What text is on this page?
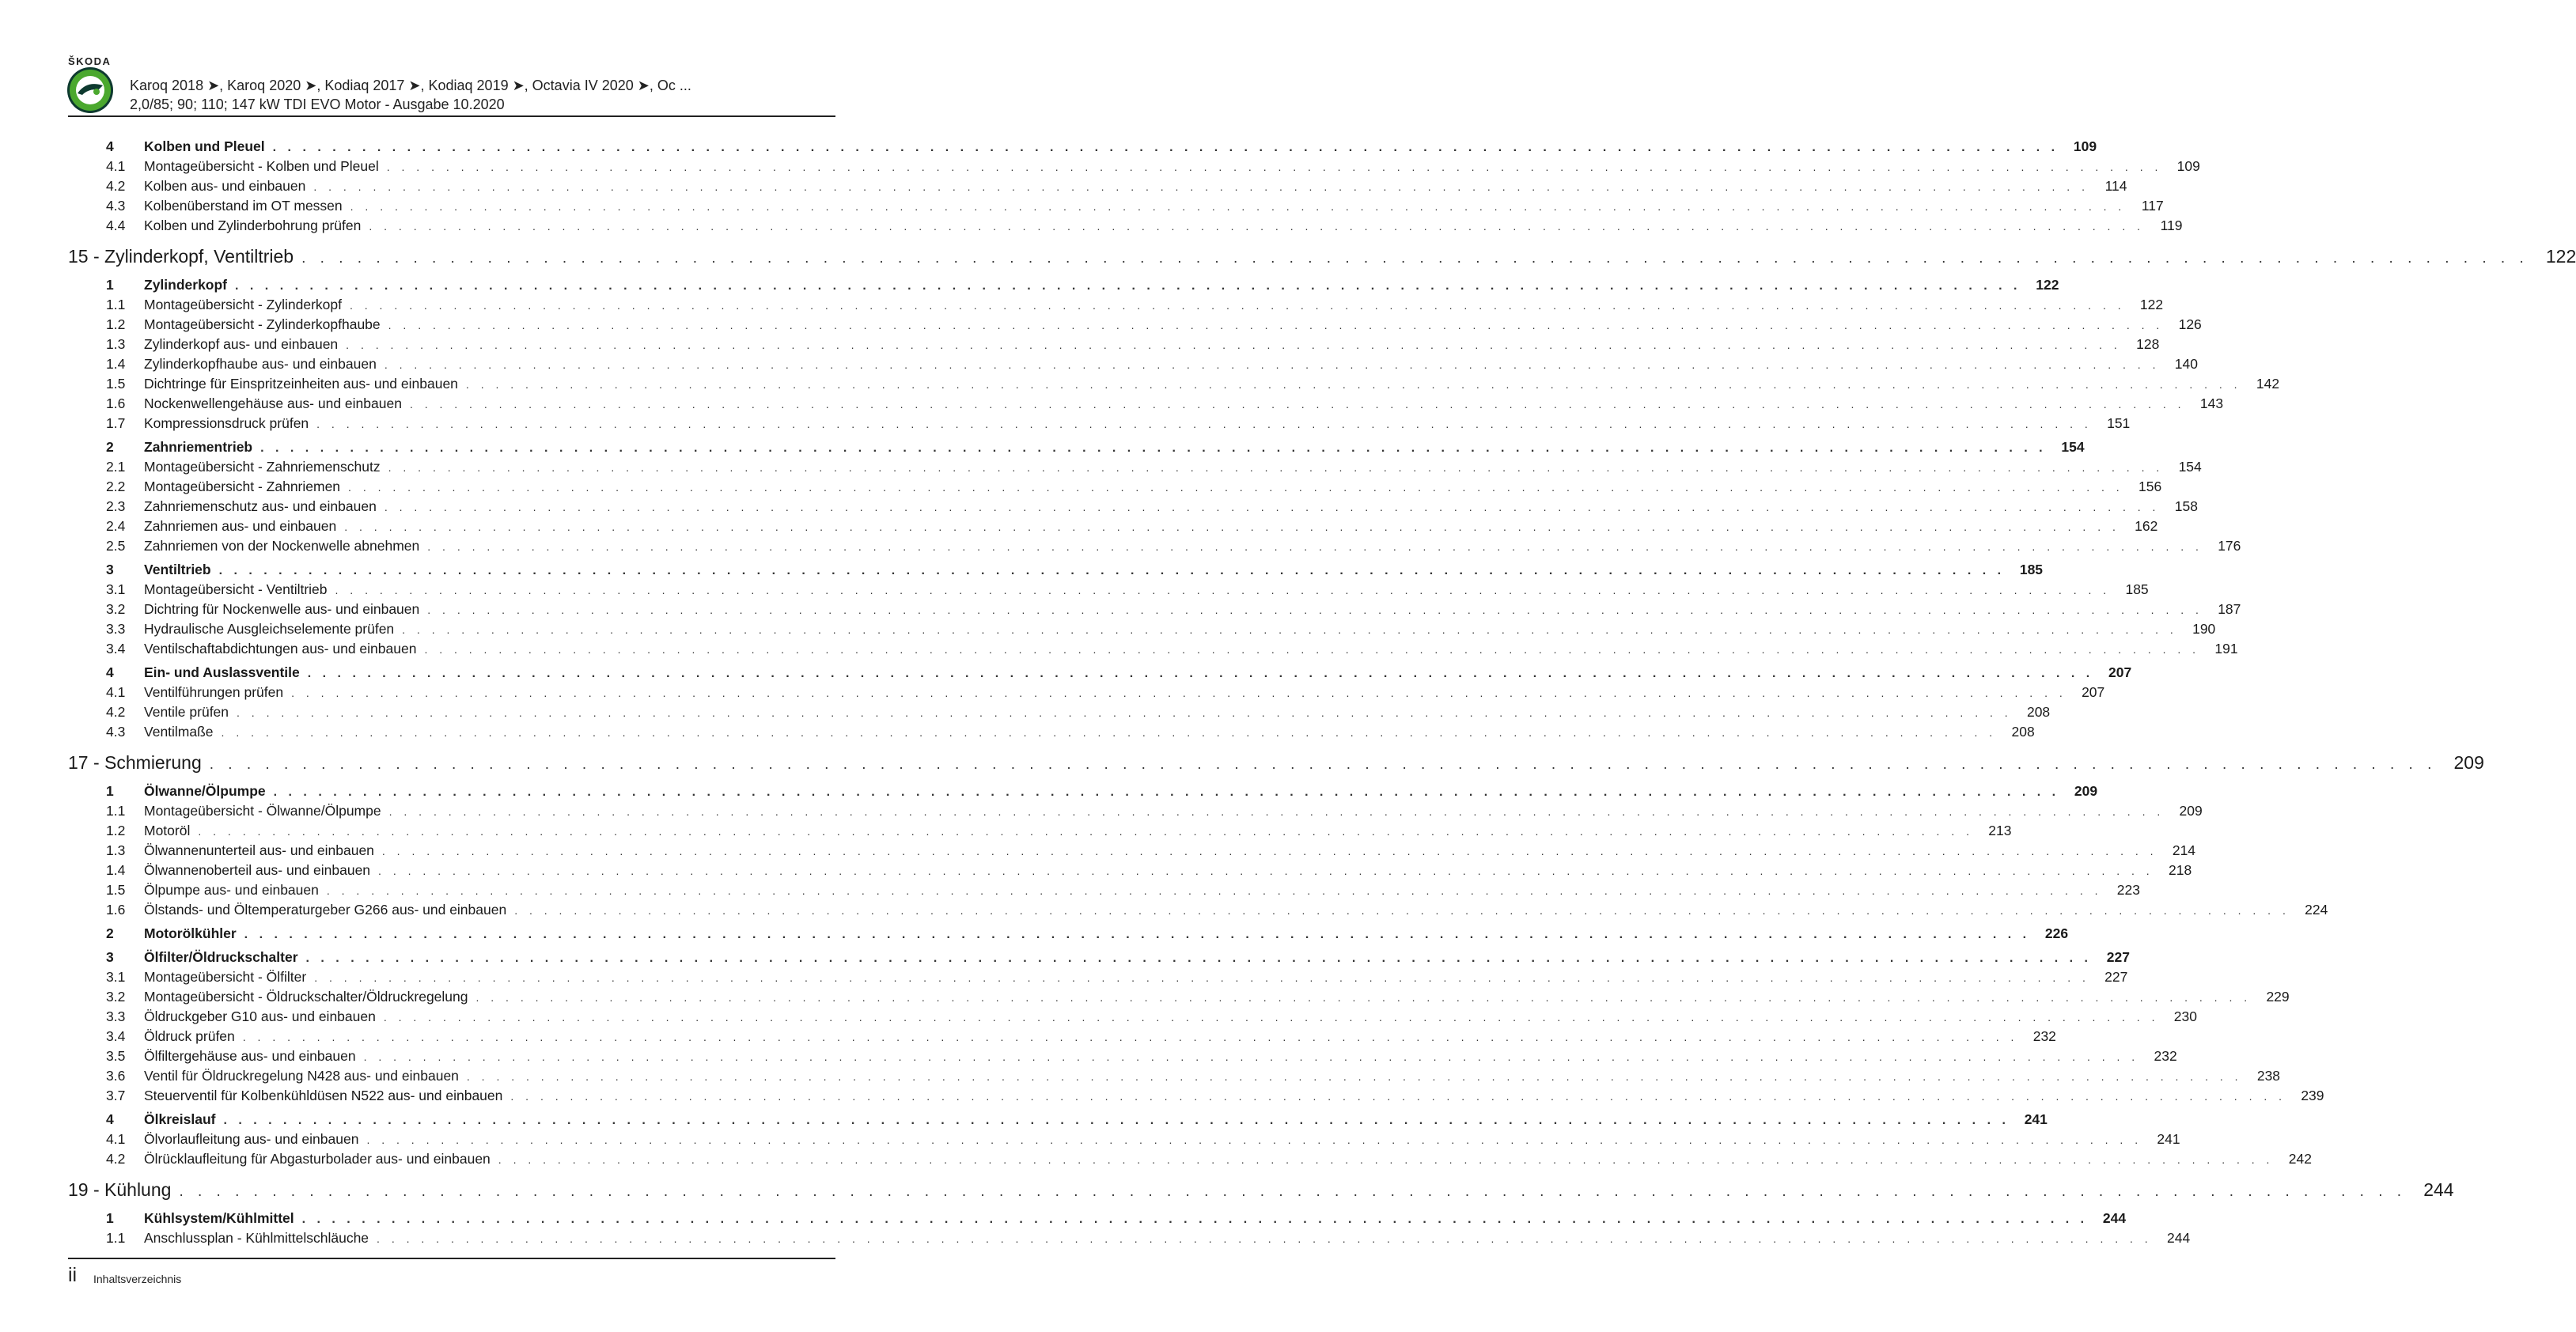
ŠKODA
Karoq 2018 ➤, Karoq 2020 ➤, Kodiaq 2017 ➤, Kodiaq 2019 ➤, Octavia IV 2020 ➤, Oc ...
2,0/85; 90; 110; 147 kW TDI EVO Motor - Ausgabe 10.2020
4	Kolben und Pleuel . . . . . . . . . . . . . . . . . . . . . . . . . . . . . . . . . . . . . . . . . . . . . . . . . . . . . . . . . . . . . . . . . . . . . . . . . . . . . . . . . . . . . . . . . . . . . . . . . . . . . . . . . . . . . . . . . . . . . . . .	109
4.1	Montageübersicht - Kolben und Pleuel . . . . . . . . . . . . . . . . . . . . . . . . . . . . . . . . . . . . . . . . . . . . . . . . . . . . . . . . . . . . . . . . . . . . . . . . . . . . . . . . . . . . . . . . . . . . . . . . . . . . . . . . . . . . . . . . . . . . . . . .	109
4.2	Kolben aus- und einbauen . . . . . . . . . . . . . . . . . . . . . . . . . . . . . . . . . . . . . . . . . . . . . . . . . . . . . . . . . . . . . . . . . . . . . . . . . . . . . . . . . . . . . . . . . . . . . . . . . . . . . . . . . . . . . . . . . . . . . . . .	114
4.3	Kolbenüberstand im OT messen . . . . . . . . . . . . . . . . . . . . . . . . . . . . . . . . . . . . . . . . . . . . . . . . . . . . . . . . . . . . . . . . . . . . . . . . . . . . . . . . . . . . . . . . . . . . . . . . . . . . . . . . . . . . . . . . . . . . . . . .	117
4.4	Kolben und Zylinderbohrung prüfen . . . . . . . . . . . . . . . . . . . . . . . . . . . . . . . . . . . . . . . . . . . . . . . . . . . . . . . . . . . . . . . . . . . . . . . . . . . . . . . . . . . . . . . . . . . . . . . . . . . . . . . . . . . . . . . . . . . . . . . .	119
15 - Zylinderkopf, Ventiltrieb . . . . . . . . . . . . . . . . . . . . . . . . . . . . . . . . . . . . . . . . . . . . . . . . . . . . . . . . . . . . . . . . . . . . . . . . . . . . . . . . . . . . . . . . . . . . . . . . . . . . . . . . . . . . . . . . . . . . . . . . 122
1	Zylinderkopf . . . . . . . . . . . . . . . . . . . . . . . . . . . . . . . . . . . . . . . . . . . . . . . . . . . . . . . . . . . . . . . . . . . . . . . . . . . . . . . . . . . . . . . . . . . . . . . . . . . . . . . . . . . . . . . . . . . . . . . .	122
1.1	Montageübersicht - Zylinderkopf . . . . . . . . . . . . . . . . . . . . . . . . . . . . . . . . . . . . . . . . . . . . . . . . . . . . . . . . . . . . . . . . . . . . . . . . . . . . . . . . . . . . . . . . . . . . . . . . . . . . . . . . . . . . . . . . . . . . . . . .	122
1.2	Montageübersicht - Zylinderkopfhaube . . . . . . . . . . . . . . . . . . . . . . . . . . . . . . . . . . . . . . . . . . . . . . . . . . . . . . . . . . . . . . . . . . . . . . . . . . . . . . . . . . . . . . . . . . . . . . . . . . . . . . . . . . . . . . . . . . . . . . . .	126
1.3	Zylinderkopf aus- und einbauen . . . . . . . . . . . . . . . . . . . . . . . . . . . . . . . . . . . . . . . . . . . . . . . . . . . . . . . . . . . . . . . . . . . . . . . . . . . . . . . . . . . . . . . . . . . . . . . . . . . . . . . . . . . . . . . . . . . . . . . .	128
1.4	Zylinderkopfhaube aus- und einbauen . . . . . . . . . . . . . . . . . . . . . . . . . . . . . . . . . . . . . . . . . . . . . . . . . . . . . . . . . . . . . . . . . . . . . . . . . . . . . . . . . . . . . . . . . . . . . . . . . . . . . . . . . . . . . . . . . . . . . . . .	140
1.5	Dichtringe für Einspritzeinheiten aus- und einbauen . . . . . . . . . . . . . . . . . . . . . . . . . . . . . . . . . . . . . . . . . . . . . . . . . . . . . . . . . . . . . . . . . . . . . . . . . . . . . . . . . . . . . . . . . . . . . . . . . . . . . . . . . . . . . . . . . . . . . . . .	142
1.6	Nockenwellengehäuse aus- und einbauen . . . . . . . . . . . . . . . . . . . . . . . . . . . . . . . . . . . . . . . . . . . . . . . . . . . . . . . . . . . . . . . . . . . . . . . . . . . . . . . . . . . . . . . . . . . . . . . . . . . . . . . . . . . . . . . . . . . . . . . .	143
1.7	Kompressionsdruck prüfen . . . . . . . . . . . . . . . . . . . . . . . . . . . . . . . . . . . . . . . . . . . . . . . . . . . . . . . . . . . . . . . . . . . . . . . . . . . . . . . . . . . . . . . . . . . . . . . . . . . . . . . . . . . . . . . . . . . . . . . .	151
2	Zahnriementrieb . . . . . . . . . . . . . . . . . . . . . . . . . . . . . . . . . . . . . . . . . . . . . . . . . . . . . . . . . . . . . . . . . . . . . . . . . . . . . . . . . . . . . . . . . . . . . . . . . . . . . . . . . . . . . . . . . . . . . . . .	154
2.1	Montageübersicht - Zahnriemenschutz . . . . . . . . . . . . . . . . . . . . . . . . . . . . . . . . . . . . . . . . . . . . . . . . . . . . . . . . . . . . . . . . . . . . . . . . . . . . . . . . . . . . . . . . . . . . . . . . . . . . . . . . . . . . . . . . . . . . . . . .	154
2.2	Montageübersicht - Zahnriemen . . . . . . . . . . . . . . . . . . . . . . . . . . . . . . . . . . . . . . . . . . . . . . . . . . . . . . . . . . . . . . . . . . . . . . . . . . . . . . . . . . . . . . . . . . . . . . . . . . . . . . . . . . . . . . . . . . . . . . . .	156
2.3	Zahnriemenschutz aus- und einbauen . . . . . . . . . . . . . . . . . . . . . . . . . . . . . . . . . . . . . . . . . . . . . . . . . . . . . . . . . . . . . . . . . . . . . . . . . . . . . . . . . . . . . . . . . . . . . . . . . . . . . . . . . . . . . . . . . . . . . . . .	158
2.4	Zahnriemen aus- und einbauen . . . . . . . . . . . . . . . . . . . . . . . . . . . . . . . . . . . . . . . . . . . . . . . . . . . . . . . . . . . . . . . . . . . . . . . . . . . . . . . . . . . . . . . . . . . . . . . . . . . . . . . . . . . . . . . . . . . . . . . .	162
2.5	Zahnriemen von der Nockenwelle abnehmen . . . . . . . . . . . . . . . . . . . . . . . . . . . . . . . . . . . . . . . . . . . . . . . . . . . . . . . . . . . . . . . . . . . . . . . . . . . . . . . . . . . . . . . . . . . . . . . . . . . . . . . . . . . . . . . . . . . . . . . .	176
3	Ventiltrieb . . . . . . . . . . . . . . . . . . . . . . . . . . . . . . . . . . . . . . . . . . . . . . . . . . . . . . . . . . . . . . . . . . . . . . . . . . . . . . . . . . . . . . . . . . . . . . . . . . . . . . . . . . . . . . . . . . . . . . . .	185
3.1	Montageübersicht - Ventiltrieb . . . . . . . . . . . . . . . . . . . . . . . . . . . . . . . . . . . . . . . . . . . . . . . . . . . . . . . . . . . . . . . . . . . . . . . . . . . . . . . . . . . . . . . . . . . . . . . . . . . . . . . . . . . . . . . . . . . . . . . .	185
3.2	Dichtring für Nockenwelle aus- und einbauen . . . . . . . . . . . . . . . . . . . . . . . . . . . . . . . . . . . . . . . . . . . . . . . . . . . . . . . . . . . . . . . . . . . . . . . . . . . . . . . . . . . . . . . . . . . . . . . . . . . . . . . . . . . . . . . . . . . . . . . .	187
3.3	Hydraulische Ausgleichselemente prüfen . . . . . . . . . . . . . . . . . . . . . . . . . . . . . . . . . . . . . . . . . . . . . . . . . . . . . . . . . . . . . . . . . . . . . . . . . . . . . . . . . . . . . . . . . . . . . . . . . . . . . . . . . . . . . . . . . . . . . . . .	190
3.4	Ventilschaftabdichtungen aus- und einbauen . . . . . . . . . . . . . . . . . . . . . . . . . . . . . . . . . . . . . . . . . . . . . . . . . . . . . . . . . . . . . . . . . . . . . . . . . . . . . . . . . . . . . . . . . . . . . . . . . . . . . . . . . . . . . . . . . . . . . . . .	191
4	Ein- und Auslassventile . . . . . . . . . . . . . . . . . . . . . . . . . . . . . . . . . . . . . . . . . . . . . . . . . . . . . . . . . . . . . . . . . . . . . . . . . . . . . . . . . . . . . . . . . . . . . . . . . . . . . . . . . . . . . . . . . . . . . . . .	207
4.1	Ventilführungen prüfen . . . . . . . . . . . . . . . . . . . . . . . . . . . . . . . . . . . . . . . . . . . . . . . . . . . . . . . . . . . . . . . . . . . . . . . . . . . . . . . . . . . . . . . . . . . . . . . . . . . . . . . . . . . . . . . . . . . . . . . .	207
4.2	Ventile prüfen . . . . . . . . . . . . . . . . . . . . . . . . . . . . . . . . . . . . . . . . . . . . . . . . . . . . . . . . . . . . . . . . . . . . . . . . . . . . . . . . . . . . . . . . . . . . . . . . . . . . . . . . . . . . . . . . . . . . . . . .	208
4.3	Ventilmaße . . . . . . . . . . . . . . . . . . . . . . . . . . . . . . . . . . . . . . . . . . . . . . . . . . . . . . . . . . . . . . . . . . . . . . . . . . . . . . . . . . . . . . . . . . . . . . . . . . . . . . . . . . . . . . . . . . . . . . . .	208
17 - Schmierung . . . . . . . . . . . . . . . . . . . . . . . . . . . . . . . . . . . . . . . . . . . . . . . . . . . . . . . . . . . . . . . . . . . . . . . . . . . . . . . . . . . . . . . . . . . . . . . . . . . . . . . . . . . . . . . . . . . . . . . . 209
1	Ölwanne/Ölpumpe . . . . . . . . . . . . . . . . . . . . . . . . . . . . . . . . . . . . . . . . . . . . . . . . . . . . . . . . . . . . . . . . . . . . . . . . . . . . . . . . . . . . . . . . . . . . . . . . . . . . . . . . . . . . . . . . . . . . . . . .	209
1.1	Montageübersicht - Ölwanne/Ölpumpe . . . . . . . . . . . . . . . . . . . . . . . . . . . . . . . . . . . . . . . . . . . . . . . . . . . . . . . . . . . . . . . . . . . . . . . . . . . . . . . . . . . . . . . . . . . . . . . . . . . . . . . . . . . . . . . . . . . . . . . .	209
1.2	Motoröl . . . . . . . . . . . . . . . . . . . . . . . . . . . . . . . . . . . . . . . . . . . . . . . . . . . . . . . . . . . . . . . . . . . . . . . . . . . . . . . . . . . . . . . . . . . . . . . . . . . . . . . . . . . . . . . . . . . . . . . .	213
1.3	Ölwannenunterteil aus- und einbauen . . . . . . . . . . . . . . . . . . . . . . . . . . . . . . . . . . . . . . . . . . . . . . . . . . . . . . . . . . . . . . . . . . . . . . . . . . . . . . . . . . . . . . . . . . . . . . . . . . . . . . . . . . . . . . . . . . . . . . . .	214
1.4	Ölwannenoberteil aus- und einbauen . . . . . . . . . . . . . . . . . . . . . . . . . . . . . . . . . . . . . . . . . . . . . . . . . . . . . . . . . . . . . . . . . . . . . . . . . . . . . . . . . . . . . . . . . . . . . . . . . . . . . . . . . . . . . . . . . . . . . . . .	218
1.5	Ölpumpe aus- und einbauen . . . . . . . . . . . . . . . . . . . . . . . . . . . . . . . . . . . . . . . . . . . . . . . . . . . . . . . . . . . . . . . . . . . . . . . . . . . . . . . . . . . . . . . . . . . . . . . . . . . . . . . . . . . . . . . . . . . . . . . .	223
1.6	Ölstands- und Öltemperaturgeber G266 aus- und einbauen . . . . . . . . . . . . . . . . . . . . . . . . . . . . . . . . . . . . . . . . . . . . . . . . . . . . . . . . . . . . . . . . . . . . . . . . . . . . . . . . . . . . . . . . . . . . . . . . . . . . . . . . . . . . . . . . . . . . . . . .	224
2	Motorölkühler . . . . . . . . . . . . . . . . . . . . . . . . . . . . . . . . . . . . . . . . . . . . . . . . . . . . . . . . . . . . . . . . . . . . . . . . . . . . . . . . . . . . . . . . . . . . . . . . . . . . . . . . . . . . . . . . . . . . . . . .	226
3	Ölfilter/Öldruckschalter . . . . . . . . . . . . . . . . . . . . . . . . . . . . . . . . . . . . . . . . . . . . . . . . . . . . . . . . . . . . . . . . . . . . . . . . . . . . . . . . . . . . . . . . . . . . . . . . . . . . . . . . . . . . . . . . . . . . . . . .	227
3.1	Montageübersicht - Ölfilter . . . . . . . . . . . . . . . . . . . . . . . . . . . . . . . . . . . . . . . . . . . . . . . . . . . . . . . . . . . . . . . . . . . . . . . . . . . . . . . . . . . . . . . . . . . . . . . . . . . . . . . . . . . . . . . . . . . . . . . .	227
3.2	Montageübersicht - Öldruckschalter/Öldruckregelung . . . . . . . . . . . . . . . . . . . . . . . . . . . . . . . . . . . . . . . . . . . . . . . . . . . . . . . . . . . . . . . . . . . . . . . . . . . . . . . . . . . . . . . . . . . . . . . . . . . . . . . . . . . . . . . . . . . . . . . .	229
3.3	Öldruckgeber G10 aus- und einbauen . . . . . . . . . . . . . . . . . . . . . . . . . . . . . . . . . . . . . . . . . . . . . . . . . . . . . . . . . . . . . . . . . . . . . . . . . . . . . . . . . . . . . . . . . . . . . . . . . . . . . . . . . . . . . . . . . . . . . . . .	230
3.4	Öldruck prüfen . . . . . . . . . . . . . . . . . . . . . . . . . . . . . . . . . . . . . . . . . . . . . . . . . . . . . . . . . . . . . . . . . . . . . . . . . . . . . . . . . . . . . . . . . . . . . . . . . . . . . . . . . . . . . . . . . . . . . . . .	232
3.5	Ölfiltergehäuse aus- und einbauen . . . . . . . . . . . . . . . . . . . . . . . . . . . . . . . . . . . . . . . . . . . . . . . . . . . . . . . . . . . . . . . . . . . . . . . . . . . . . . . . . . . . . . . . . . . . . . . . . . . . . . . . . . . . . . . . . . . . . . . .	232
3.6	Ventil für Öldruckregelung N428 aus- und einbauen . . . . . . . . . . . . . . . . . . . . . . . . . . . . . . . . . . . . . . . . . . . . . . . . . . . . . . . . . . . . . . . . . . . . . . . . . . . . . . . . . . . . . . . . . . . . . . . . . . . . . . . . . . . . . . . . . . . . . . . .	238
3.7	Steuerventil für Kolbenkühldüsen N522 aus- und einbauen . . . . . . . . . . . . . . . . . . . . . . . . . . . . . . . . . . . . . . . . . . . . . . . . . . . . . . . . . . . . . . . . . . . . . . . . . . . . . . . . . . . . . . . . . . . . . . . . . . . . . . . . . . . . . . . . . . . . . . . .	239
4	Ölkreislauf . . . . . . . . . . . . . . . . . . . . . . . . . . . . . . . . . . . . . . . . . . . . . . . . . . . . . . . . . . . . . . . . . . . . . . . . . . . . . . . . . . . . . . . . . . . . . . . . . . . . . . . . . . . . . . . . . . . . . . . .	241
4.1	Ölvorlaufleitung aus- und einbauen . . . . . . . . . . . . . . . . . . . . . . . . . . . . . . . . . . . . . . . . . . . . . . . . . . . . . . . . . . . . . . . . . . . . . . . . . . . . . . . . . . . . . . . . . . . . . . . . . . . . . . . . . . . . . . . . . . . . . . . .	241
4.2	Ölrücklaufleitung für Abgasturbolader aus- und einbauen . . . . . . . . . . . . . . . . . . . . . . . . . . . . . . . . . . . . . . . . . . . . . . . . . . . . . . . . . . . . . . . . . . . . . . . . . . . . . . . . . . . . . . . . . . . . . . . . . . . . . . . . . . . . . . . . . . . . . . . .	242
19 - Kühlung . . . . . . . . . . . . . . . . . . . . . . . . . . . . . . . . . . . . . . . . . . . . . . . . . . . . . . . . . . . . . . . . . . . . . . . . . . . . . . . . . . . . . . . . . . . . . . . . . . . . . . . . . . . . . . . . . . . . . . . . 244
1	Kühlsystem/Kühlmittel . . . . . . . . . . . . . . . . . . . . . . . . . . . . . . . . . . . . . . . . . . . . . . . . . . . . . . . . . . . . . . . . . . . . . . . . . . . . . . . . . . . . . . . . . . . . . . . . . . . . . . . . . . . . . . . . . . . . . . . .	244
1.1	Anschlussplan - Kühlmittelschläuche . . . . . . . . . . . . . . . . . . . . . . . . . . . . . . . . . . . . . . . . . . . . . . . . . . . . . . . . . . . . . . . . . . . . . . . . . . . . . . . . . . . . . . . . . . . . . . . . . . . . . . . . . . . . . . . . . . . . . . . .	244
ii Inhaltsverzeichnis
